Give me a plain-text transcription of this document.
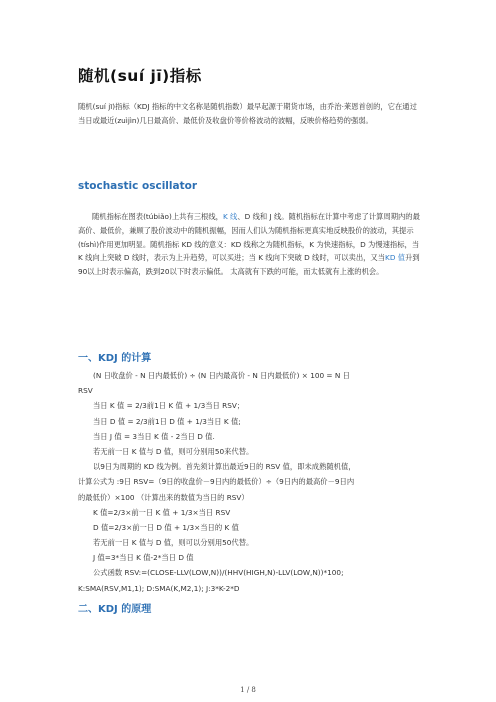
随机(suí jī)指标
随机(suí jī)指标（KDJ 指标的中文名称是随机指数）最早起源于期货市场，由乔治·莱恩首创的，它在通过当日或最近(zuìjìn)几日最高价、最低价及收盘价等价格波动的波幅，反映价格趋势的强弱。
stochastic oscillator
随机指标在图表(túbiǎo)上共有三根线，K 线、D 线和 J 线。随机指标在计算中考虑了计算周期内的最高价、最低价，兼顾了股价波动中的随机振幅，因而人们认为随机指标更真实地反映股价的波动，其提示(tíshì)作用更加明显。随机指标 KD 线的意义：KD 线称之为随机指标，K 为快速指标，D 为慢速指标，当 K 线向上突破 D 线时，表示为上升趋势，可以买进；当 K 线向下突破 D 线时，可以卖出，又当KD 值升到90以上时表示偏高，跌到20以下时表示偏低。 太高就有下跌的可能，而太低就有上涨的机会。
一、KDJ 的计算
(N 日收盘价 - N 日内最低价) ÷ (N 日内最高价 - N 日内最低价) × 100 = N 日
RSV
当日 K 值 = 2/3前1日 K 值 + 1/3当日 RSV；
当日 D 值 = 2/3前1日 D 值 + 1/3当日 K 值;
当日 J 值 = 3当日 K 值 - 2当日 D 值.
若无前一日 K 值与 D 值，则可分别用50来代替。
以9日为周期的 KD 线为例。首先须计算出最近9日的 RSV 值，即未成熟随机值，
计算公式为 :9日 RSV=（9日的收盘价－9日内的最低价）÷（9日内的最高价－9日内
的最低价）×100 （计算出来的数值为当日的 RSV）
K 值=2/3×前一日 K 值 + 1/3×当日 RSV
D 值=2/3×前一日 D 值 + 1/3×当日的 K 值
若无前一日 K 值与 D 值，则可以分别用50代替。
J 值=3*当日 K 值-2*当日 D 值
公式函数 RSV:=(CLOSE-LLV(LOW,N))/(HHV(HIGH,N)-LLV(LOW,N))*100;
K:SMA(RSV,M1,1); D:SMA(K,M2,1); J:3*K-2*D
二、KDJ 的原理
1 / 8
